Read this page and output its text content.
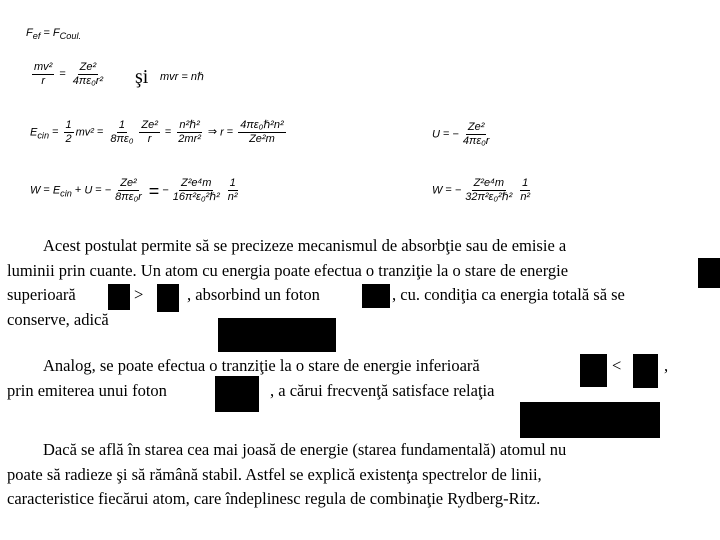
$F_{ef} = F_{Coul.}$
$\frac{\text{mv²}}{r} = \frac{\text{Ze²}}{\text{4πε₀r²}}$ şi mvr = nℏ
$E_{cin} = \frac{1}{2} mv^2 = \frac{1}{\text{8πε₀}} \frac{\text{Ze²}}{r} = \frac{\text{n²ℏ²}}{\text{2mr²}}$ ⇒ $r = \frac{\text{4πε₀ℏ²n²}}{\text{Ze²m}}$	U = − $\frac{\text{Ze²}}{\text{4πε₀r}}$
$W = E_{cin} + U$ = − $\frac{\text{Ze²}}{\text{8πε₀r}}$ = − $\frac{\text{Z²e⁴m}}{\text{16π²ε₀²ℏ²}} \frac{1}{\text{n²}}$	W = − $\frac{\text{Z²e⁴m}}{\text{32π²ε₀²ℏ²}} \frac{1}{\text{n²}}$
Acest postulat permite să se precizeze mecanismul de absorbţie sau de emisie a
luminii prin cuante. Un atom cu energia poate efectua o tranziţie la o stare de energie
superioară	>	, absorbind un foton	, cu. condiţia ca energia totală să se
conserve, adică
Analog, se poate efectua o tranziţie la o stare de energie inferioară	<	,
prin emiterea unui foton	, a cărui frecvenţă satisface relaţia
Dacă se află în starea cea mai joasă de energie (starea fundamentală) atomul nu
poate să radieze şi să rămână stabil. Astfel se explică existenţa spectrelor de linii,
caracteristice fiecărui atom, care îndeplinesc regula de combinaţie Rydberg-Ritz.
